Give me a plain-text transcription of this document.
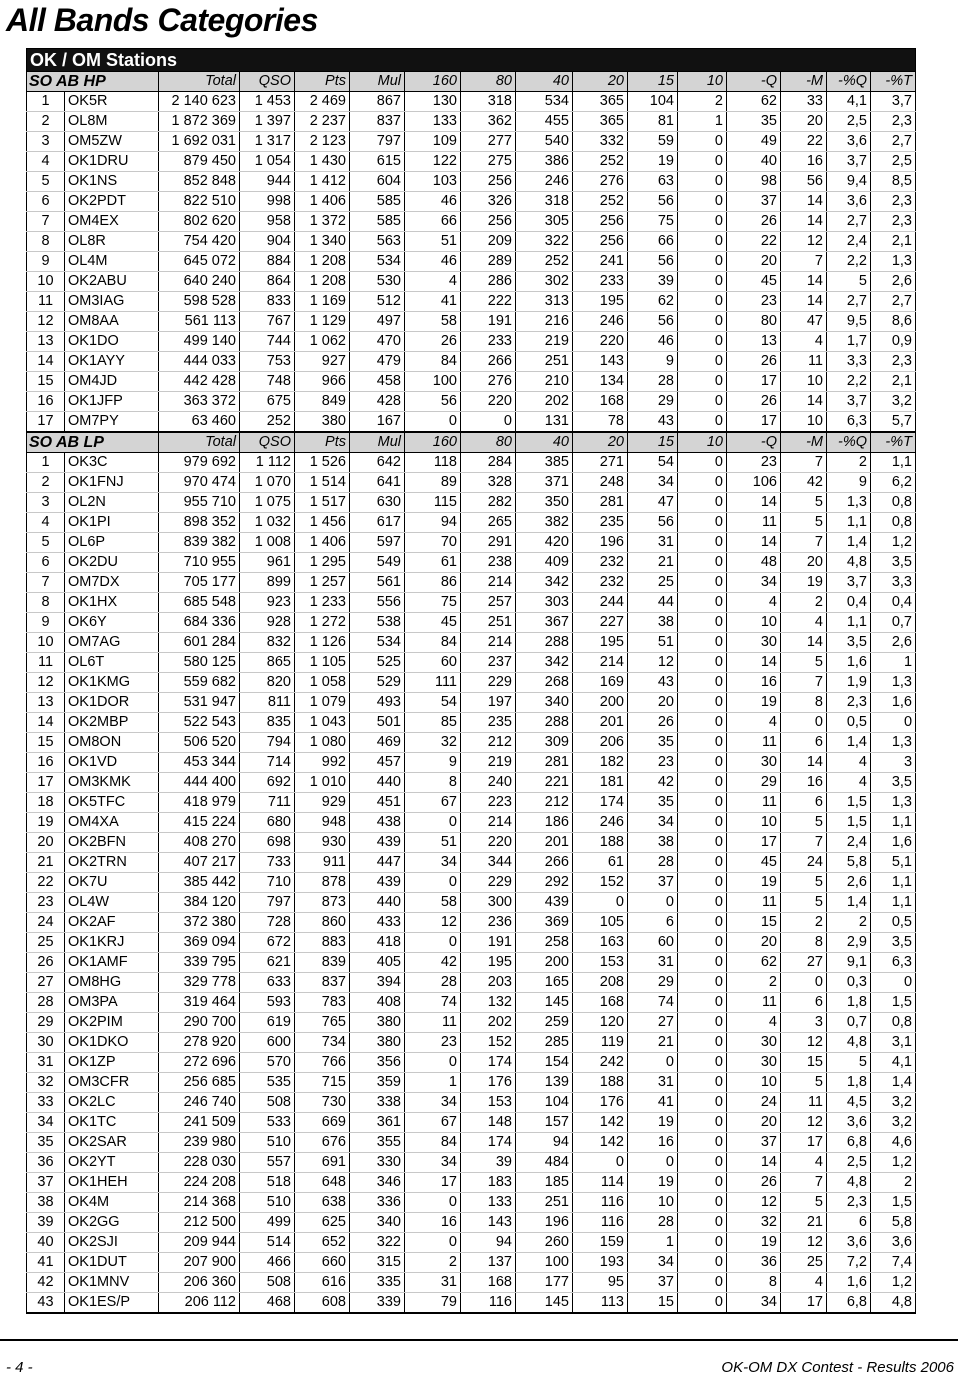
All Bands Categories
OK / OM Stations															
SO AB HP		Total	QSO	Pts	Mul	160	80	40	20	15	10	-Q	-M	-%Q	-%T
1	OK5R	2 140 623	1 453	2 469	867	130	318	534	365	104	2	62	33	4,1	3,7
2	OL8M	1 872 369	1 397	2 237	837	133	362	455	365	81	1	35	20	2,5	2,3
3	OM5ZW	1 692 031	1 317	2 123	797	109	277	540	332	59	0	49	22	3,6	2,7
4	OK1DRU	879 450	1 054	1 430	615	122	275	386	252	19	0	40	16	3,7	2,5
5	OK1NS	852 848	944	1 412	604	103	256	246	276	63	0	98	56	9,4	8,5
6	OK2PDT	822 510	998	1 406	585	46	326	318	252	56	0	37	14	3,6	2,3
7	OM4EX	802 620	958	1 372	585	66	256	305	256	75	0	26	14	2,7	2,3
8	OL8R	754 420	904	1 340	563	51	209	322	256	66	0	22	12	2,4	2,1
9	OL4M	645 072	884	1 208	534	46	289	252	241	56	0	20	7	2,2	1,3
10	OK2ABU	640 240	864	1 208	530	4	286	302	233	39	0	45	14	5	2,6
11	OM3IAG	598 528	833	1 169	512	41	222	313	195	62	0	23	14	2,7	2,7
12	OM8AA	561 113	767	1 129	497	58	191	216	246	56	0	80	47	9,5	8,6
13	OK1DO	499 140	744	1 062	470	26	233	219	220	46	0	13	4	1,7	0,9
14	OK1AYY	444 033	753	927	479	84	266	251	143	9	0	26	11	3,3	2,3
15	OM4JD	442 428	748	966	458	100	276	210	134	28	0	17	10	2,2	2,1
16	OK1JFP	363 372	675	849	428	56	220	202	168	29	0	26	14	3,7	3,2
17	OM7PY	63 460	252	380	167	0	0	131	78	43	0	17	10	6,3	5,7
SO AB LP		Total	QSO	Pts	Mul	160	80	40	20	15	10	-Q	-M	-%Q	-%T
1	OK3C	979 692	1 112	1 526	642	118	284	385	271	54	0	23	7	2	1,1
2	OK1FNJ	970 474	1 070	1 514	641	89	328	371	248	34	0	106	42	9	6,2
3	OL2N	955 710	1 075	1 517	630	115	282	350	281	47	0	14	5	1,3	0,8
4	OK1PI	898 352	1 032	1 456	617	94	265	382	235	56	0	11	5	1,1	0,8
5	OL6P	839 382	1 008	1 406	597	70	291	420	196	31	0	14	7	1,4	1,2
6	OK2DU	710 955	961	1 295	549	61	238	409	232	21	0	48	20	4,8	3,5
7	OM7DX	705 177	899	1 257	561	86	214	342	232	25	0	34	19	3,7	3,3
8	OK1HX	685 548	923	1 233	556	75	257	303	244	44	0	4	2	0,4	0,4
9	OK6Y	684 336	928	1 272	538	45	251	367	227	38	0	10	4	1,1	0,7
10	OM7AG	601 284	832	1 126	534	84	214	288	195	51	0	30	14	3,5	2,6
11	OL6T	580 125	865	1 105	525	60	237	342	214	12	0	14	5	1,6	1
12	OK1KMG	559 682	820	1 058	529	111	229	268	169	43	0	16	7	1,9	1,3
13	OK1DOR	531 947	811	1 079	493	54	197	340	200	20	0	19	8	2,3	1,6
14	OK2MBP	522 543	835	1 043	501	85	235	288	201	26	0	4	0	0,5	0
15	OM8ON	506 520	794	1 080	469	32	212	309	206	35	0	11	6	1,4	1,3
16	OK1VD	453 344	714	992	457	9	219	281	182	23	0	30	14	4	3
17	OM3KMK	444 400	692	1 010	440	8	240	221	181	42	0	29	16	4	3,5
18	OK5TFC	418 979	711	929	451	67	223	212	174	35	0	11	6	1,5	1,3
19	OM4XA	415 224	680	948	438	0	214	186	246	34	0	10	5	1,5	1,1
20	OK2BFN	408 270	698	930	439	51	220	201	188	38	0	17	7	2,4	1,6
21	OK2TRN	407 217	733	911	447	34	344	266	61	28	0	45	24	5,8	5,1
22	OK7U	385 442	710	878	439	0	229	292	152	37	0	19	5	2,6	1,1
23	OL4W	384 120	797	873	440	58	300	439	0	0	0	11	5	1,4	1,1
24	OK2AF	372 380	728	860	433	12	236	369	105	6	0	15	2	2	0,5
25	OK1KRJ	369 094	672	883	418	0	191	258	163	60	0	20	8	2,9	3,5
26	OK1AMF	339 795	621	839	405	42	195	200	153	31	0	62	27	9,1	6,3
27	OM8HG	329 778	633	837	394	28	203	165	208	29	0	2	0	0,3	0
28	OM3PA	319 464	593	783	408	74	132	145	168	74	0	11	6	1,8	1,5
29	OK2PIM	290 700	619	765	380	11	202	259	120	27	0	4	3	0,7	0,8
30	OK1DKO	278 920	600	734	380	23	152	285	119	21	0	30	12	4,8	3,1
31	OK1ZP	272 696	570	766	356	0	174	154	242	0	0	30	15	5	4,1
32	OM3CFR	256 685	535	715	359	1	176	139	188	31	0	10	5	1,8	1,4
33	OK2LC	246 740	508	730	338	34	153	104	176	41	0	24	11	4,5	3,2
34	OK1TC	241 509	533	669	361	67	148	157	142	19	0	20	12	3,6	3,2
35	OK2SAR	239 980	510	676	355	84	174	94	142	16	0	37	17	6,8	4,6
36	OK2YT	228 030	557	691	330	34	39	484	0	0	0	14	4	2,5	1,2
37	OK1HEH	224 208	518	648	346	17	183	185	114	19	0	26	7	4,8	2
38	OK4M	214 368	510	638	336	0	133	251	116	10	0	12	5	2,3	1,5
39	OK2GG	212 500	499	625	340	16	143	196	116	28	0	32	21	6	5,8
40	OK2SJI	209 944	514	652	322	0	94	260	159	1	0	19	12	3,6	3,6
41	OK1DUT	207 900	466	660	315	2	137	100	193	34	0	36	25	7,2	7,4
42	OK1MNV	206 360	508	616	335	31	168	177	95	37	0	8	4	1,6	1,2
43	OK1ES/P	206 112	468	608	339	79	116	145	113	15	0	34	17	6,8	4,8
- 4 -	OK-OM DX Contest - Results 2006
